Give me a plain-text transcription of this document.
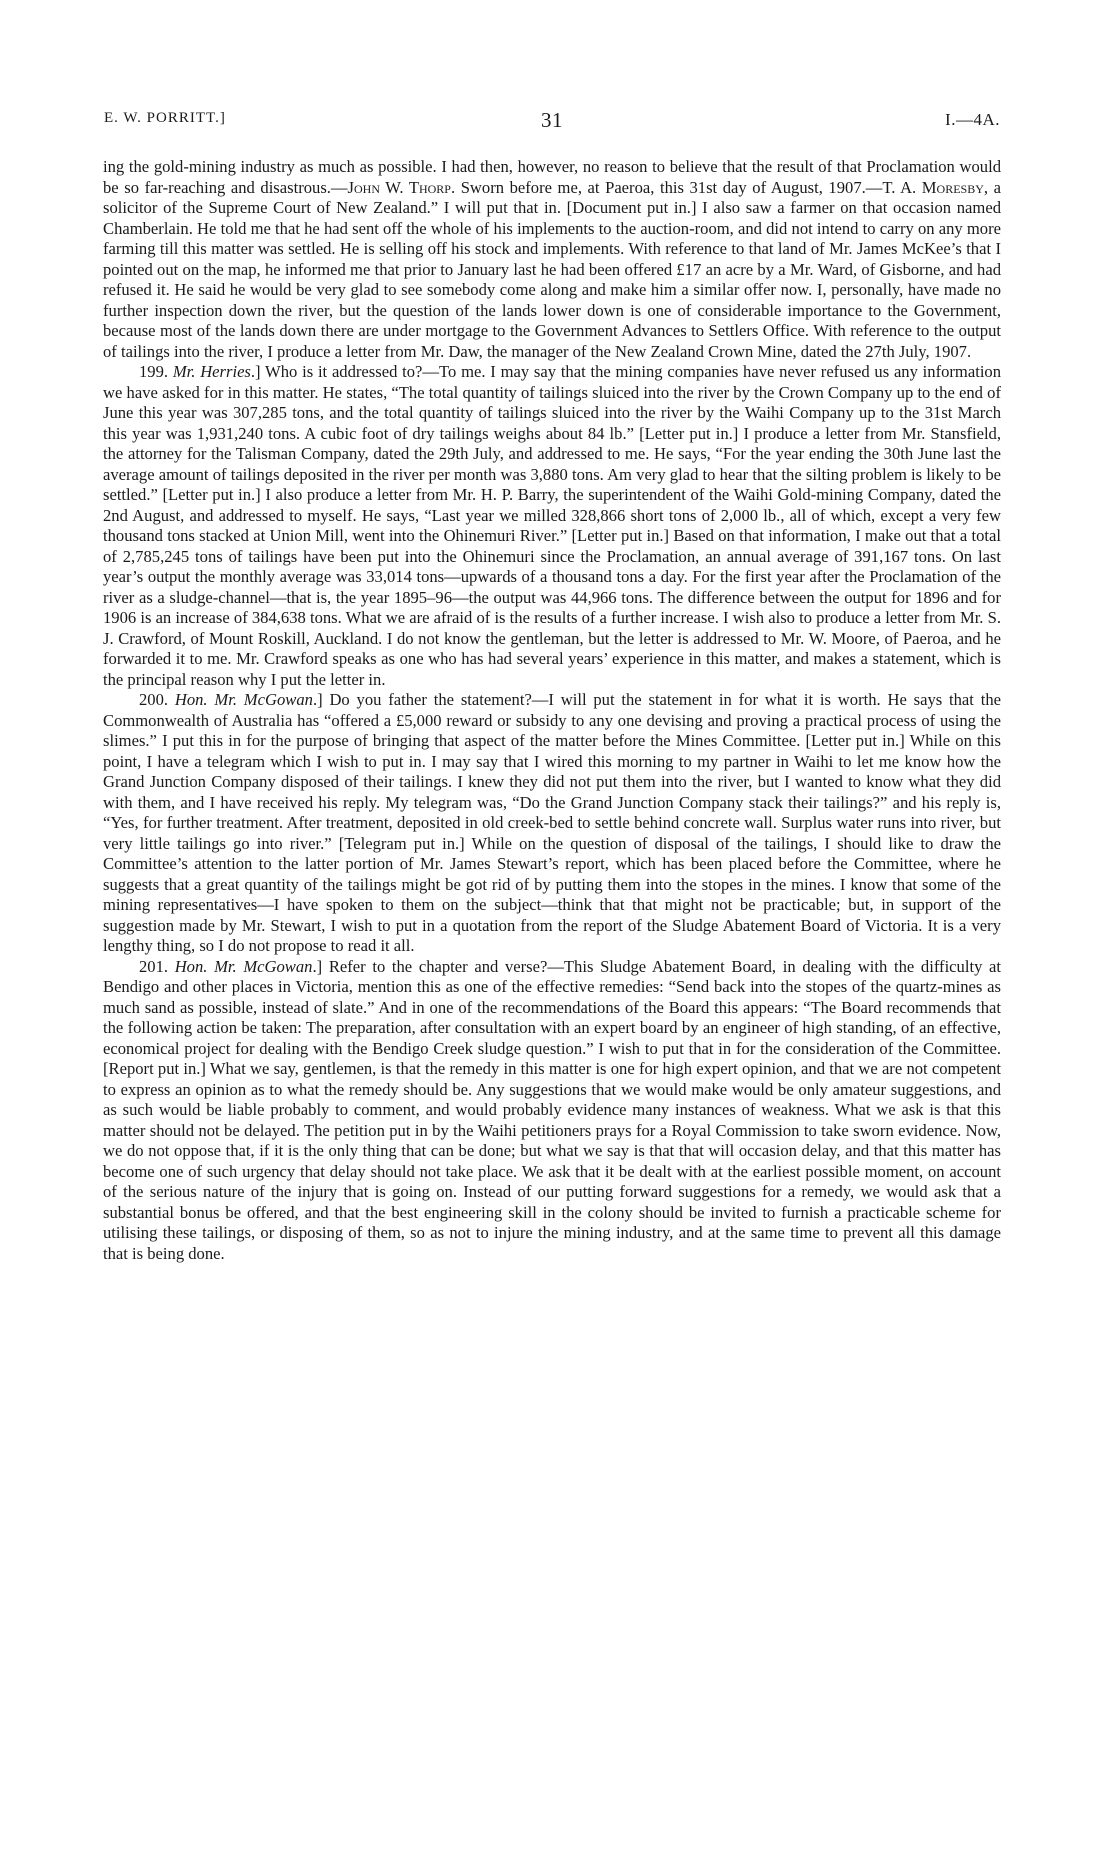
E. W. PORRITT.]	31	I.—4A.

ing the gold-mining industry as much as possible. I had then, however, no reason to believe that the result of that Proclamation would be so far-reaching and disastrous.—John W. Thorp. Sworn before me, at Paeroa, this 31st day of August, 1907.—T. A. Moresby, a solicitor of the Supreme Court of New Zealand.” I will put that in. [Document put in.] I also saw a farmer on that occasion named Chamberlain. He told me that he had sent off the whole of his implements to the auction-room, and did not intend to carry on any more farming till this matter was settled. He is selling off his stock and implements. With reference to that land of Mr. James McKee’s that I pointed out on the map, he informed me that prior to January last he had been offered £17 an acre by a Mr. Ward, of Gisborne, and had refused it. He said he would be very glad to see somebody come along and make him a similar offer now. I, personally, have made no further inspection down the river, but the question of the lands lower down is one of considerable importance to the Government, because most of the lands down there are under mortgage to the Government Advances to Settlers Office. With reference to the output of tailings into the river, I produce a letter from Mr. Daw, the manager of the New Zealand Crown Mine, dated the 27th July, 1907.

199. Mr. Herries.] Who is it addressed to?—To me. I may say that the mining companies have never refused us any information we have asked for in this matter. He states, “The total quantity of tailings sluiced into the river by the Crown Company up to the end of June this year was 307,285 tons, and the total quantity of tailings sluiced into the river by the Waihi Company up to the 31st March this year was 1,931,240 tons. A cubic foot of dry tailings weighs about 84 lb.” [Letter put in.] I produce a letter from Mr. Stansfield, the attorney for the Talisman Company, dated the 29th July, and addressed to me. He says, “For the year ending the 30th June last the average amount of tailings deposited in the river per month was 3,880 tons. Am very glad to hear that the silting problem is likely to be settled.” [Letter put in.] I also produce a letter from Mr. H. P. Barry, the superintendent of the Waihi Gold-mining Company, dated the 2nd August, and addressed to myself. He says, “Last year we milled 328,866 short tons of 2,000 lb., all of which, except a very few thousand tons stacked at Union Mill, went into the Ohinemuri River.” [Letter put in.] Based on that information, I make out that a total of 2,785,245 tons of tailings have been put into the Ohinemuri since the Proclamation, an annual average of 391,167 tons. On last year’s output the monthly average was 33,014 tons—upwards of a thousand tons a day. For the first year after the Proclamation of the river as a sludge-channel—that is, the year 1895–96—the output was 44,966 tons. The difference between the output for 1896 and for 1906 is an increase of 384,638 tons. What we are afraid of is the results of a further increase. I wish also to produce a letter from Mr. S. J. Crawford, of Mount Roskill, Auckland. I do not know the gentleman, but the letter is addressed to Mr. W. Moore, of Paeroa, and he forwarded it to me. Mr. Crawford speaks as one who has had several years’ experience in this matter, and makes a statement, which is the principal reason why I put the letter in.

200. Hon. Mr. McGowan.] Do you father the statement?—I will put the statement in for what it is worth. He says that the Commonwealth of Australia has “offered a £5,000 reward or subsidy to any one devising and proving a practical process of using the slimes.” I put this in for the purpose of bringing that aspect of the matter before the Mines Committee. [Letter put in.] While on this point, I have a telegram which I wish to put in. I may say that I wired this morning to my partner in Waihi to let me know how the Grand Junction Company disposed of their tailings. I knew they did not put them into the river, but I wanted to know what they did with them, and I have received his reply. My telegram was, “Do the Grand Junction Company stack their tailings?” and his reply is, “Yes, for further treatment. After treatment, deposited in old creek-bed to settle behind concrete wall. Surplus water runs into river, but very little tailings go into river.” [Telegram put in.] While on the question of disposal of the tailings, I should like to draw the Committee’s attention to the latter portion of Mr. James Stewart’s report, which has been placed before the Committee, where he suggests that a great quantity of the tailings might be got rid of by putting them into the stopes in the mines. I know that some of the mining representatives—I have spoken to them on the subject—think that that might not be practicable; but, in support of the suggestion made by Mr. Stewart, I wish to put in a quotation from the report of the Sludge Abatement Board of Victoria. It is a very lengthy thing, so I do not propose to read it all.

201. Hon. Mr. McGowan.] Refer to the chapter and verse?—This Sludge Abatement Board, in dealing with the difficulty at Bendigo and other places in Victoria, mention this as one of the effective remedies: “Send back into the stopes of the quartz-mines as much sand as possible, instead of slate.” And in one of the recommendations of the Board this appears: “The Board recommends that the following action be taken: The preparation, after consultation with an expert board by an engineer of high standing, of an effective, economical project for dealing with the Bendigo Creek sludge question.” I wish to put that in for the consideration of the Committee. [Report put in.] What we say, gentlemen, is that the remedy in this matter is one for high expert opinion, and that we are not competent to express an opinion as to what the remedy should be. Any suggestions that we would make would be only amateur suggestions, and as such would be liable probably to comment, and would probably evidence many instances of weakness. What we ask is that this matter should not be delayed. The petition put in by the Waihi petitioners prays for a Royal Commission to take sworn evidence. Now, we do not oppose that, if it is the only thing that can be done; but what we say is that that will occasion delay, and that this matter has become one of such urgency that delay should not take place. We ask that it be dealt with at the earliest possible moment, on account of the serious nature of the injury that is going on. Instead of our putting forward suggestions for a remedy, we would ask that a substantial bonus be offered, and that the best engineering skill in the colony should be invited to furnish a practicable scheme for utilising these tailings, or disposing of them, so as not to injure the mining industry, and at the same time to prevent all this damage that is being done.
